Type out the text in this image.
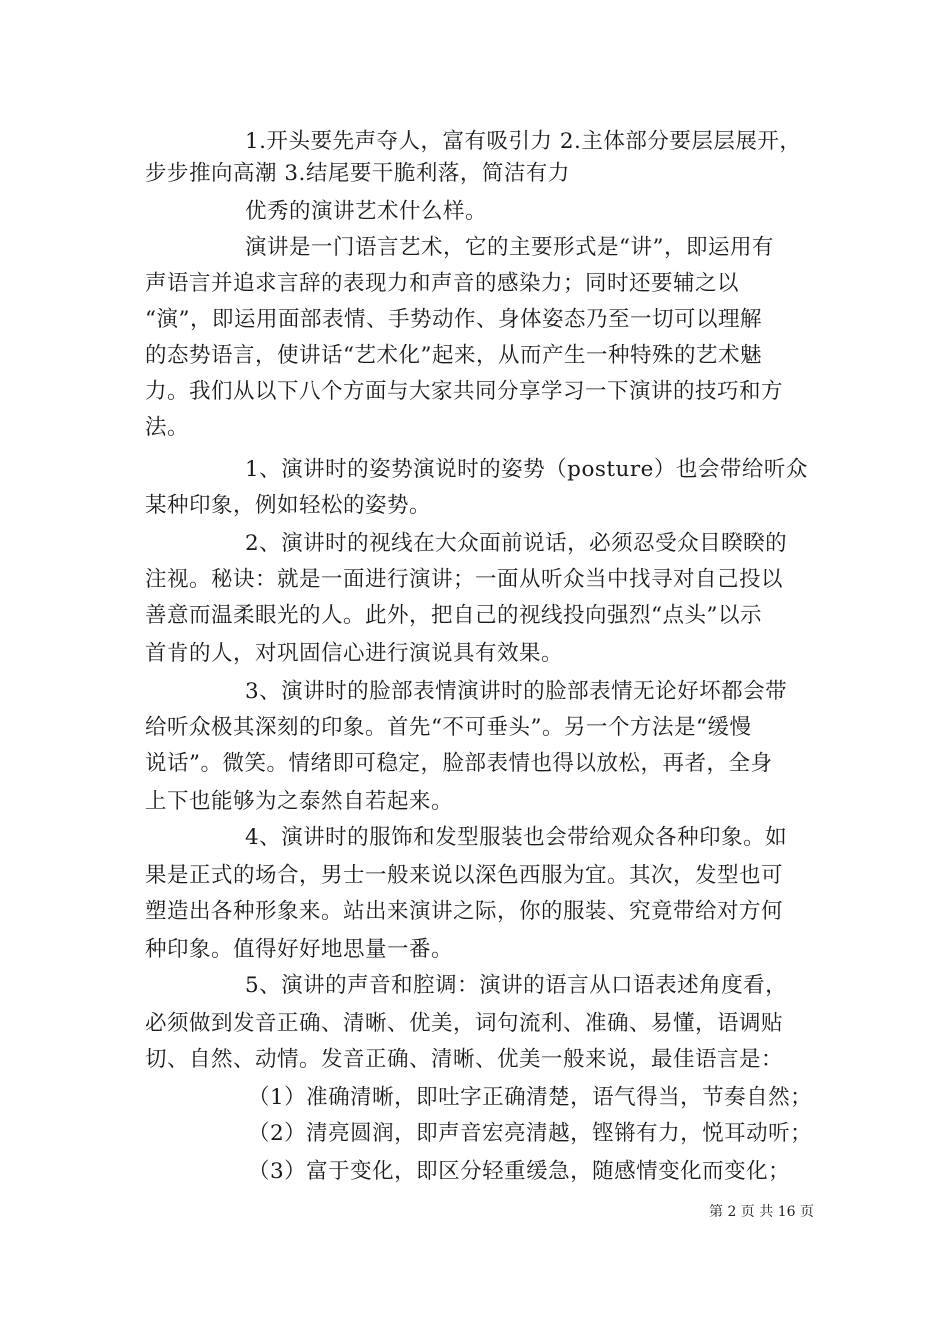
1.开头要先声夺人，富有吸引力 2.主体部分要层层展开，
步步推向高潮 3.结尾要干脆利落，简洁有力
优秀的演讲艺术什么样。
演讲是一门语言艺术，它的主要形式是“讲”，即运用有
声语言并追求言辞的表现力和声音的感染力；同时还要辅之以
“演”，即运用面部表情、手势动作、身体姿态乃至一切可以理解
的态势语言，使讲话“艺术化”起来，从而产生一种特殊的艺术魅
力。我们从以下八个方面与大家共同分享学习一下演讲的技巧和方
法。
1、演讲时的姿势演说时的姿势（posture）也会带给听众
某种印象，例如轻松的姿势。
2、演讲时的视线在大众面前说话，必须忍受众目睽睽的
注视。秘诀：就是一面进行演讲；一面从听众当中找寻对自己投以
善意而温柔眼光的人。此外，把自己的视线投向强烈“点头”以示
首肯的人，对巩固信心进行演说具有效果。
3、演讲时的脸部表情演讲时的脸部表情无论好坏都会带
给听众极其深刻的印象。首先“不可垂头”。另一个方法是“缓慢
说话”。微笑。情绪即可稳定，脸部表情也得以放松，再者，全身
上下也能够为之泰然自若起来。
4、演讲时的服饰和发型服装也会带给观众各种印象。如
果是正式的场合，男士一般来说以深色西服为宜。其次，发型也可
塑造出各种形象来。站出来演讲之际，你的服装、究竟带给对方何
种印象。值得好好地思量一番。
5、演讲的声音和腔调：演讲的语言从口语表述角度看，
必须做到发音正确、清晰、优美，词句流利、准确、易懂，语调贴
切、自然、动情。发音正确、清晰、优美一般来说，最佳语言是：
（1）准确清晰，即吐字正确清楚，语气得当，节奏自然；
（2）清亮圆润，即声音宏亮清越，铿锵有力，悦耳动听；
（3）富于变化，即区分轻重缓急，随感情变化而变化；
第 2 页 共 16 页
